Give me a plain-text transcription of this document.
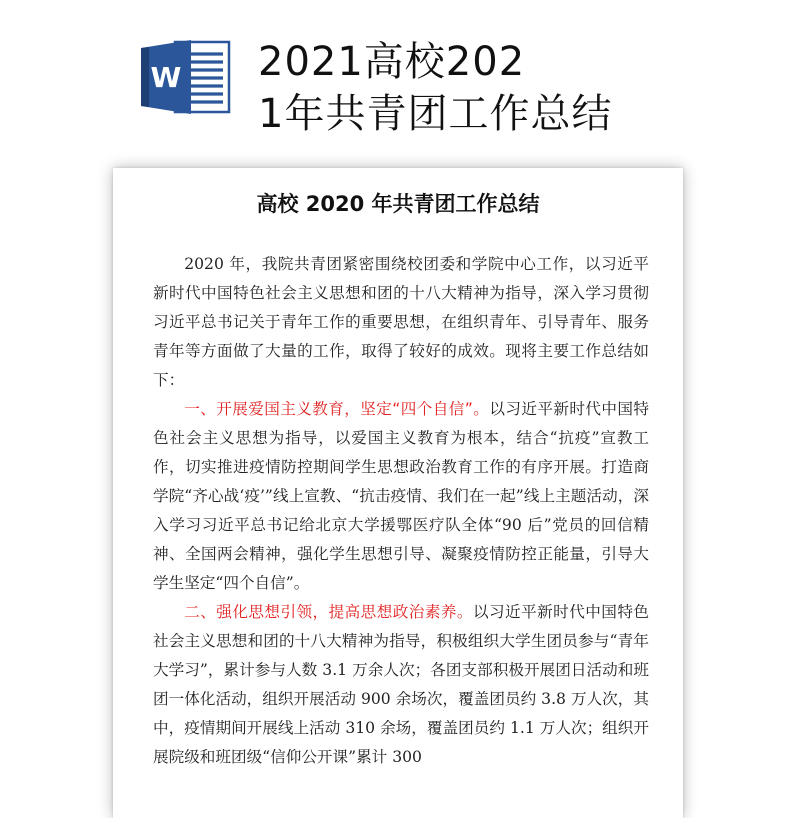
W 2021高校202
1年共青团工作总结
高校 2020 年共青团工作总结

2020 年，我院共青团紧密围绕校团委和学院中心工作，以习近平新时代中国特色社会主义思想和团的十八大精神为指导，深入学习贯彻习近平总书记关于青年工作的重要思想，在组织青年、引导青年、服务青年等方面做了大量的工作，取得了较好的成效。现将主要工作总结如下：

一、开展爱国主义教育，坚定“四个自信”。以习近平新时代中国特色社会主义思想为指导，以爱国主义教育为根本，结合“抗疫”宣教工作，切实推进疫情防控期间学生思想政治教育工作的有序开展。打造商学院“齐心战‘疫’”线上宣教、“抗击疫情、我们在一起”线上主题活动，深入学习习近平总书记给北京大学援鄂医疗队全体“90 后”党员的回信精神、全国两会精神，强化学生思想引导、凝聚疫情防控正能量，引导大学生坚定“四个自信”。

二、强化思想引领，提高思想政治素养。以习近平新时代中国特色社会主义思想和团的十八大精神为指导，积极组织大学生团员参与“青年大学习”，累计参与人数 3.1 万余人次；各团支部积极开展团日活动和班团一体化活动，组织开展活动 900 余场次，覆盖团员约 3.8 万人次，其中，疫情期间开展线上活动 310 余场，覆盖团员约 1.1 万人次；组织开展院级和班团级“信仰公开课”累计 300
